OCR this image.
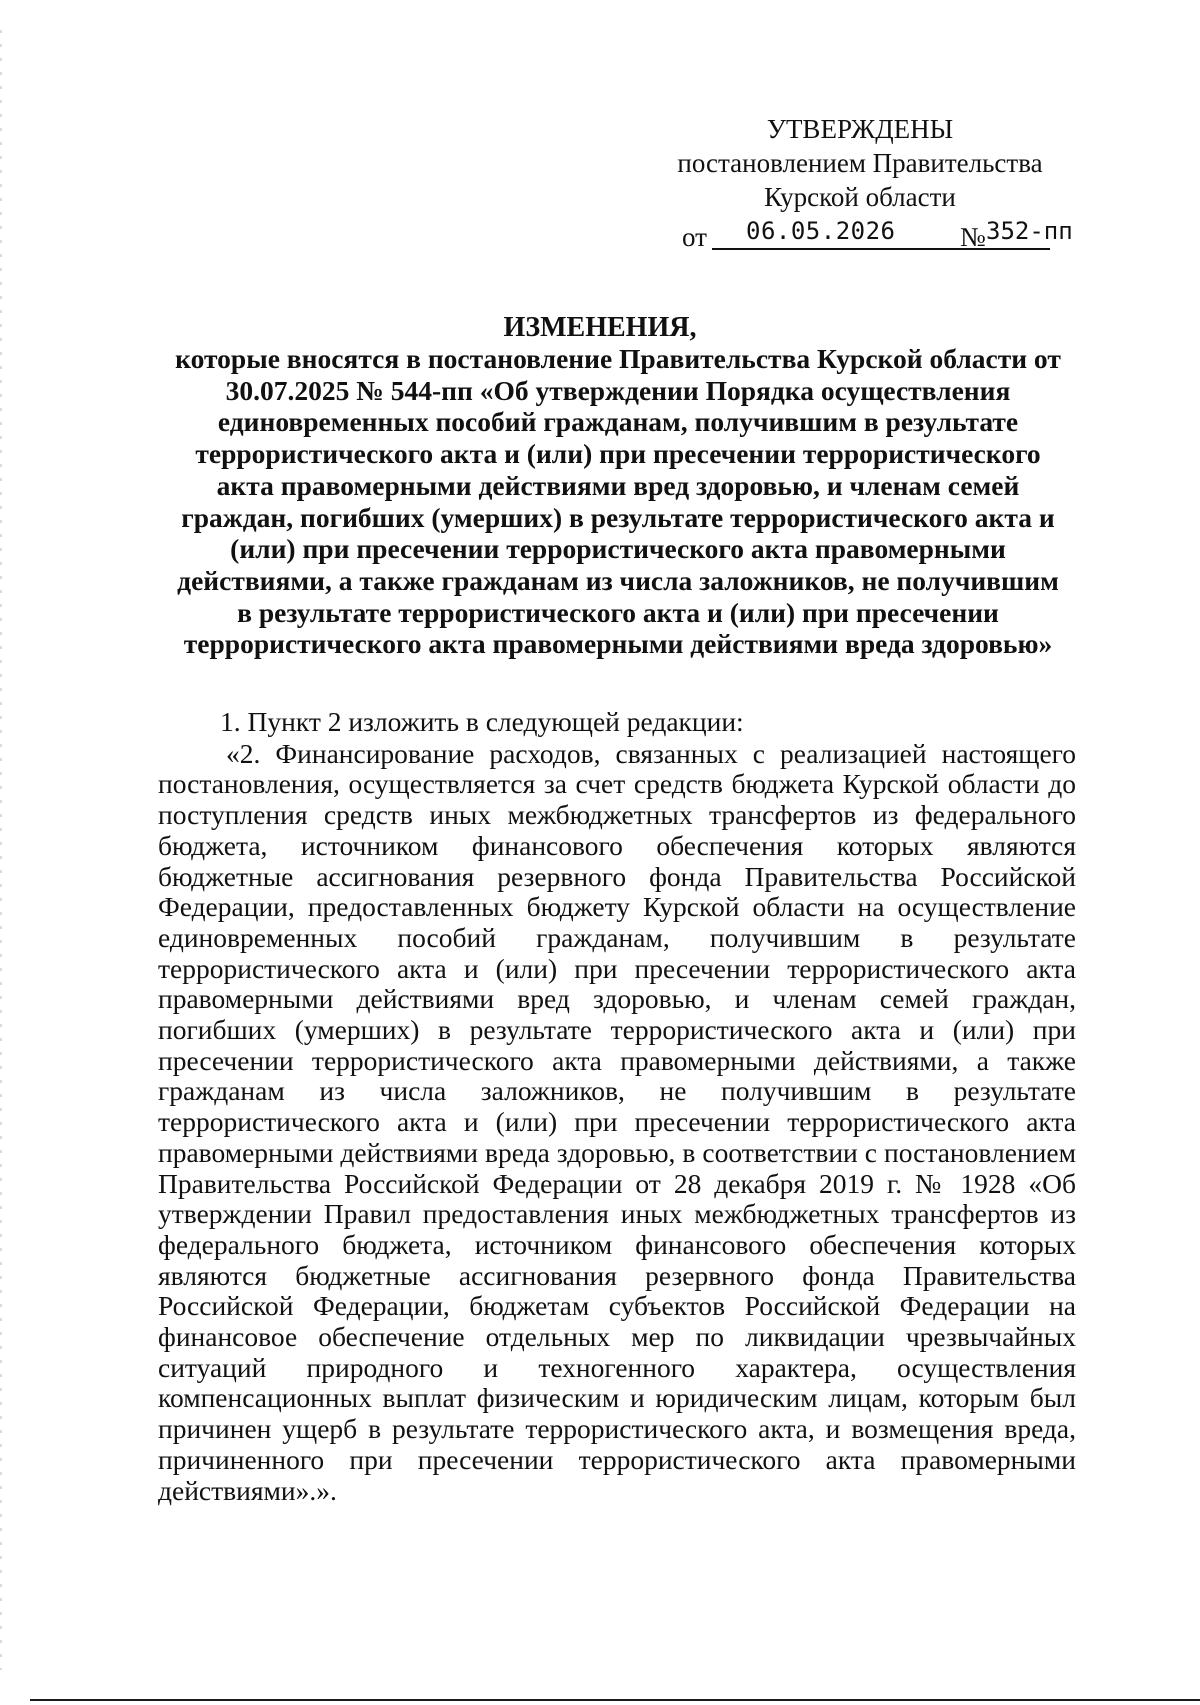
УТВЕРЖДЕНЫ
постановлением Правительства
Курской области
от 06.05.2026	352-пп
№
ИЗМЕНЕНИЯ,
которые вносятся в постановление Правительства Курской области от
30.07.2025 № 544-пп «Об утверждении Порядка осуществления
единовременных пособий гражданам, получившим в результате
террористического акта и (или) при пресечении террористического
акта правомерными действиями вред здоровью, и членам семей
граждан, погибших (умерших) в результате террористического акта и
(или) при пресечении террористического акта правомерными
действиями, а также гражданам из числа заложников, не получившим
в результате террористического акта и (или) при пресечении
террористического акта правомерными действиями вреда здоровью»

1. Пункт 2 изложить в следующей редакции:

«2. Финансирование расходов, связанных с реализацией настоящего постановления, осуществляется за счет средств бюджета Курской области до поступления средств иных межбюджетных трансфертов из федерального бюджета, источником финансового обеспечения которых являются бюджетные ассигнования резервного фонда Правительства Российской Федерации, предоставленных бюджету Курской области на осуществление единовременных пособий гражданам, получившим в результате террористического акта и (или) при пресечении террористического акта правомерными действиями вред здоровью, и членам семей граждан, погибших (умерших) в результате террористического акта и (или) при пресечении террористического акта правомерными действиями, а также гражданам из числа заложников, не получившим в результате террористического акта и (или) при пресечении террористического акта правомерными действиями вреда здоровью, в соответствии с постановлением Правительства Российской Федерации от 28 декабря 2019 г. № 1928 «Об утверждении Правил предоставления иных межбюджетных трансфертов из федерального бюджета, источником финансового обеспечения которых являются бюджетные ассигнования резервного фонда Правительства Российской Федерации, бюджетам субъектов Российской Федерации на финансовое обеспечение отдельных мер по ликвидации чрезвычайных ситуаций природного и техногенного характера, осуществления компенсационных выплат физическим и юридическим лицам, которым был причинен ущерб в результате террористического акта, и возмещения вреда, причиненного при пресечении террористического акта правомерными действиями».».
